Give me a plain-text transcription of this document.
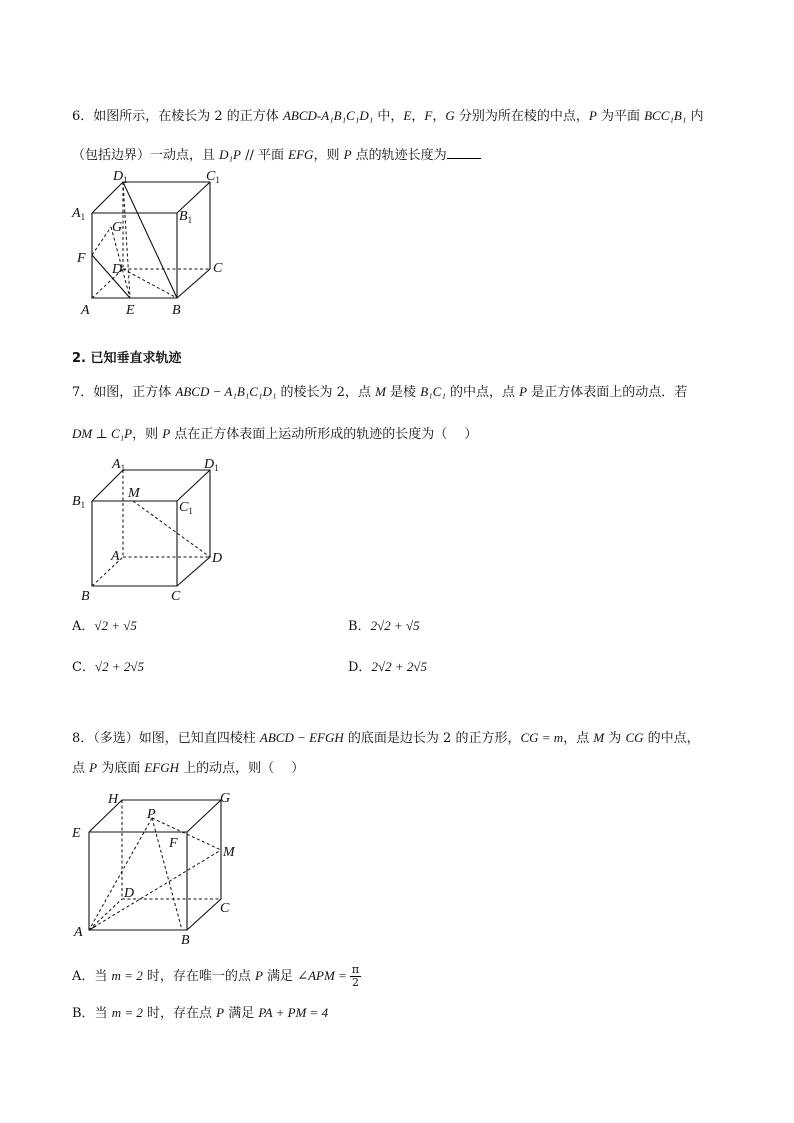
6．如图所示，在棱长为 2 的正方体 ABCD-A₁B₁C₁D₁ 中，E，F，G 分别为所在棱的中点，P 为平面 BCC₁B₁ 内
（包括边界）一动点，且 D₁P // 平面 EFG，则 P 点的轨迹长度为
$D_1$	$C_1$
$A_1$	$B_1$
G
F
D	C
A	E	B
2. 已知垂直求轨迹
7．如图，正方体 ABCD − A₁B₁C₁D₁ 的棱长为 2，点 M 是棱 B₁C₁ 的中点，点 P 是正方体表面上的动点．若
DM ⊥ C₁P，则 P 点在正方体表面上运动所形成的轨迹的长度为（　 ）
$A_1$	$D_1$
$B_1$
M
$C_1$
A	D
B	C
A．√2 + √5	B．2√2 + √5
C．√2 + 2√5	D．2√2 + 2√5
8．（多选）如图，已知直四棱柱 ABCD − EFGH 的底面是边长为 2 的正方形，CG = m，点 M 为 CG 的中点，
点 P 为底面 EFGH 上的动点，则（　 ）
H	G
E
P
F
M
D
C
A
B
A．当 m = 2 时，存在唯一的点 P 满足 ∠APM = $\frac{\pi}{2}$
B．当 m = 2 时，存在点 P 满足 PA + PM = 4
